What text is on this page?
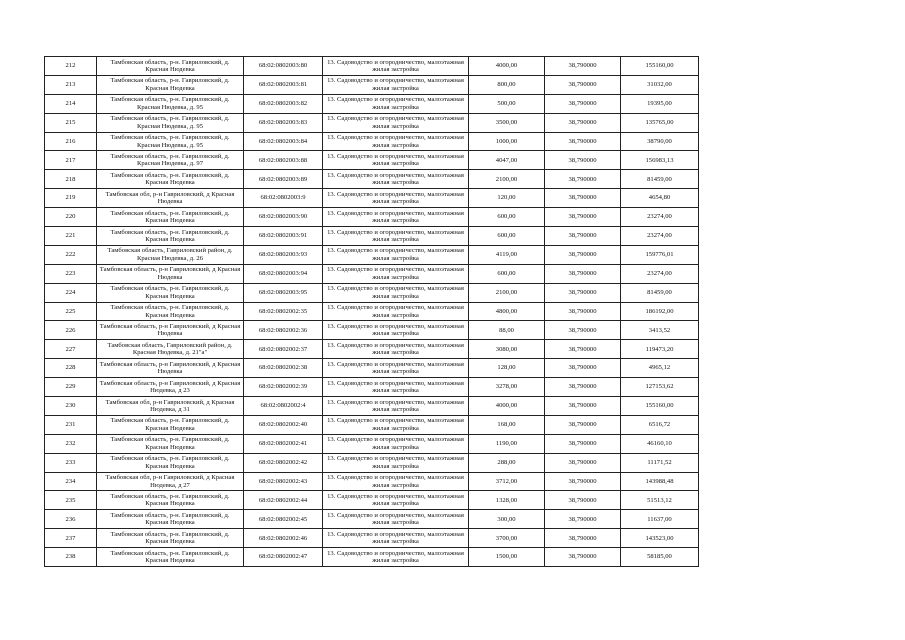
212	Тамбовская область, р-н. Гавриловский, д. Красная Нюдевка	68:02:0802003:80	13. Садоводство и огородничество, малоэтажная жилая застройка	4000,00	38,790000	155160,00
213	Тамбовская область, р-н. Гавриловский, д. Красная Нюдевка	68:02:0802003:81	13. Садоводство и огородничество, малоэтажная жилая застройка	800,00	38,790000	31032,00
214	Тамбовская область, р-н. Гавриловский, д. Красная Нюдевка, д. 95	68:02:0802003:82	13. Садоводство и огородничество, малоэтажная жилая застройка	500,00	38,790000	19395,00
215	Тамбовская область, р-н. Гавриловский, д. Красная Нюдевка, д. 95	68:02:0802003:83	13. Садоводство и огородничество, малоэтажная жилая застройка	3500,00	38,790000	135765,00
216	Тамбовская область, р-н. Гавриловский, д. Красная Нюдевка, д. 95	68:02:0802003:84	13. Садоводство и огородничество, малоэтажная жилая застройка	1000,00	38,790000	38790,00
217	Тамбовская область, р-н. Гавриловский, д. Красная Нюдевка, д. 97	68:02:0802003:88	13. Садоводство и огородничество, малоэтажная жилая застройка	4047,00	38,790000	156983,13
218	Тамбовская область, р-н. Гавриловский, д. Красная Нюдевка	68:02:0802003:89	13. Садоводство и огородничество, малоэтажная жилая застройка	2100,00	38,790000	81459,00
219	Тамбовская обл, р-н Гавриловский, д Красная Нюдевка	68:02:0802003:9	13. Садоводство и огородничество, малоэтажная жилая застройка	120,00	38,790000	4654,80
220	Тамбовская область, р-н. Гавриловский, д. Красная Нюдевка	68:02:0802003:90	13. Садоводство и огородничество, малоэтажная жилая застройка	600,00	38,790000	23274,00
221	Тамбовская область, р-н. Гавриловский, д. Красная Нюдевка	68:02:0802003:91	13. Садоводство и огородничество, малоэтажная жилая застройка	600,00	38,790000	23274,00
222	Тамбовская область, Гавриловский район, д. Красная Нюдевка, д. 26	68:02:0802003:93	13. Садоводство и огородничество, малоэтажная жилая застройка	4119,00	38,790000	159776,01
223	Тамбовская область, р-н Гавриловский, д Красная Нюдевка	68:02:0802003:94	13. Садоводство и огородничество, малоэтажная жилая застройка	600,00	38,790000	23274,00
224	Тамбовская область, р-н. Гавриловский, д. Красная Нюдевка	68:02:0802003:95	13. Садоводство и огородничество, малоэтажная жилая застройка	2100,00	38,790000	81459,00
225	Тамбовская область, р-н. Гавриловский, д. Красная Нюдевка	68:02:0802002:35	13. Садоводство и огородничество, малоэтажная жилая застройка	4800,00	38,790000	186192,00
226	Тамбовская область, р-н Гавриловский, д Красная Нюдевка	68:02:0802002:36	13. Садоводство и огородничество, малоэтажная жилая застройка	88,00	38,790000	3413,52
227	Тамбовская область, Гавриловский район, д. Красная Нюдевка, д. 21"а"	68:02:0802002:37	13. Садоводство и огородничество, малоэтажная жилая застройка	3080,00	38,790000	119473,20
228	Тамбовская область, р-н Гавриловский, д Красная Нюдевка	68:02:0802002:38	13. Садоводство и огородничество, малоэтажная жилая застройка	128,00	38,790000	4965,12
229	Тамбовская область, р-н Гавриловский, д Красная Нюдевка, д 23	68:02:0802002:39	13. Садоводство и огородничество, малоэтажная жилая застройка	3278,00	38,790000	127153,62
230	Тамбовская обл, р-н Гавриловский, д Красная Нюдевка, д 31	68:02:0802002:4	13. Садоводство и огородничество, малоэтажная жилая застройка	4000,00	38,790000	155160,00
231	Тамбовская область, р-н. Гавриловский, д. Красная Нюдевка	68:02:0802002:40	13. Садоводство и огородничество, малоэтажная жилая застройка	168,00	38,790000	6516,72
232	Тамбовская область, р-н. Гавриловский, д. Красная Нюдевка	68:02:0802002:41	13. Садоводство и огородничество, малоэтажная жилая застройка	1190,00	38,790000	46160,10
233	Тамбовская область, р-н. Гавриловский, д. Красная Нюдевка	68:02:0802002:42	13. Садоводство и огородничество, малоэтажная жилая застройка	288,00	38,790000	11171,52
234	Тамбовская обл, р-н Гавриловский, д Красная Нюдевка, д 27	68:02:0802002:43	13. Садоводство и огородничество, малоэтажная жилая застройка	3712,00	38,790000	143988,48
235	Тамбовская область, р-н. Гавриловский, д. Красная Нюдевка	68:02:0802002:44	13. Садоводство и огородничество, малоэтажная жилая застройка	1328,00	38,790000	51513,12
236	Тамбовская область, р-н. Гавриловский, д. Красная Нюдевка	68:02:0802002:45	13. Садоводство и огородничество, малоэтажная жилая застройка	300,00	38,790000	11637,00
237	Тамбовская область, р-н. Гавриловский, д. Красная Нюдевка	68:02:0802002:46	13. Садоводство и огородничество, малоэтажная жилая застройка	3700,00	38,790000	143523,00
238	Тамбовская область, р-н. Гавриловский, д. Красная Нюдевка	68:02:0802002:47	13. Садоводство и огородничество, малоэтажная жилая застройка	1500,00	38,790000	58185,00
